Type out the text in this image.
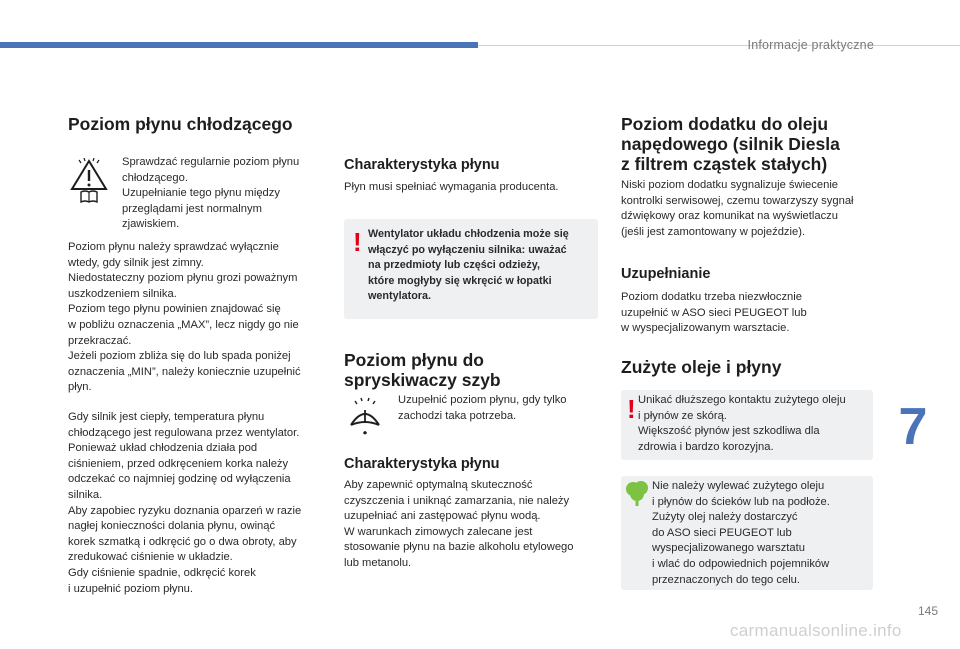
Informacje praktyczne
7
145
carmanualsonline.info
Poziom płynu chłodzącego

Sprawdzać regularnie poziom płynu
chłodzącego.
Uzupełnianie tego płynu między
przeglądami jest normalnym
zjawiskiem.

Poziom płynu należy sprawdzać wyłącznie
wtedy, gdy silnik jest zimny.
Niedostateczny poziom płynu grozi poważnym
uszkodzeniem silnika.
Poziom tego płynu powinien znajdować się
w pobliżu oznaczenia „MAX”, lecz nigdy go nie
przekraczać.
Jeżeli poziom zbliża się do lub spada poniżej
oznaczenia „MIN”, należy koniecznie uzupełnić
płyn.

Gdy silnik jest ciepły, temperatura płynu
chłodzącego jest regulowana przez wentylator.
Ponieważ układ chłodzenia działa pod
ciśnieniem, przed odkręceniem korka należy
odczekać co najmniej godzinę od wyłączenia
silnika.
Aby zapobiec ryzyku doznania oparzeń w razie
nagłej konieczności dolania płynu, owinąć
korek szmatką i odkręcić go o dwa obroty, aby
zredukować ciśnienie w układzie.
Gdy ciśnienie spadnie, odkręcić korek
i uzupełnić poziom płynu.

Charakterystyka płynu

Płyn musi spełniać wymagania producenta.

! Wentylator układu chłodzenia może się
włączyć po wyłączeniu silnika: uważać
na przedmioty lub części odzieży,
które mogłyby się wkręcić w łopatki
wentylatora.

Poziom płynu do
spryskiwaczy szyb

Uzupełnić poziom płynu, gdy tylko
zachodzi taka potrzeba.

Charakterystyka płynu

Aby zapewnić optymalną skuteczność
czyszczenia i uniknąć zamarzania, nie należy
uzupełniać ani zastępować płynu wodą.
W warunkach zimowych zalecane jest
stosowanie płynu na bazie alkoholu etylowego
lub metanolu.

Poziom dodatku do oleju
napędowego (silnik Diesla
z filtrem cząstek stałych)

Niski poziom dodatku sygnalizuje świecenie
kontrolki serwisowej, czemu towarzyszy sygnał
dźwiękowy oraz komunikat na wyświetlaczu
(jeśli jest zamontowany w pojeździe).

Uzupełnianie

Poziom dodatku trzeba niezwłocznie
uzupełnić w ASO sieci PEUGEOT lub
w wyspecjalizowanym warsztacie.

Zużyte oleje i płyny
! Unikać dłuższego kontaktu zużytego oleju
i płynów ze skórą.
Większość płynów jest szkodliwa dla
zdrowia i bardzo korozyjna.

Nie należy wylewać zużytego oleju
i płynów do ścieków lub na podłoże.
Zużyty olej należy dostarczyć
do ASO sieci PEUGEOT lub
wyspecjalizowanego warsztatu
i wlać do odpowiednich pojemników
przeznaczonych do tego celu.
